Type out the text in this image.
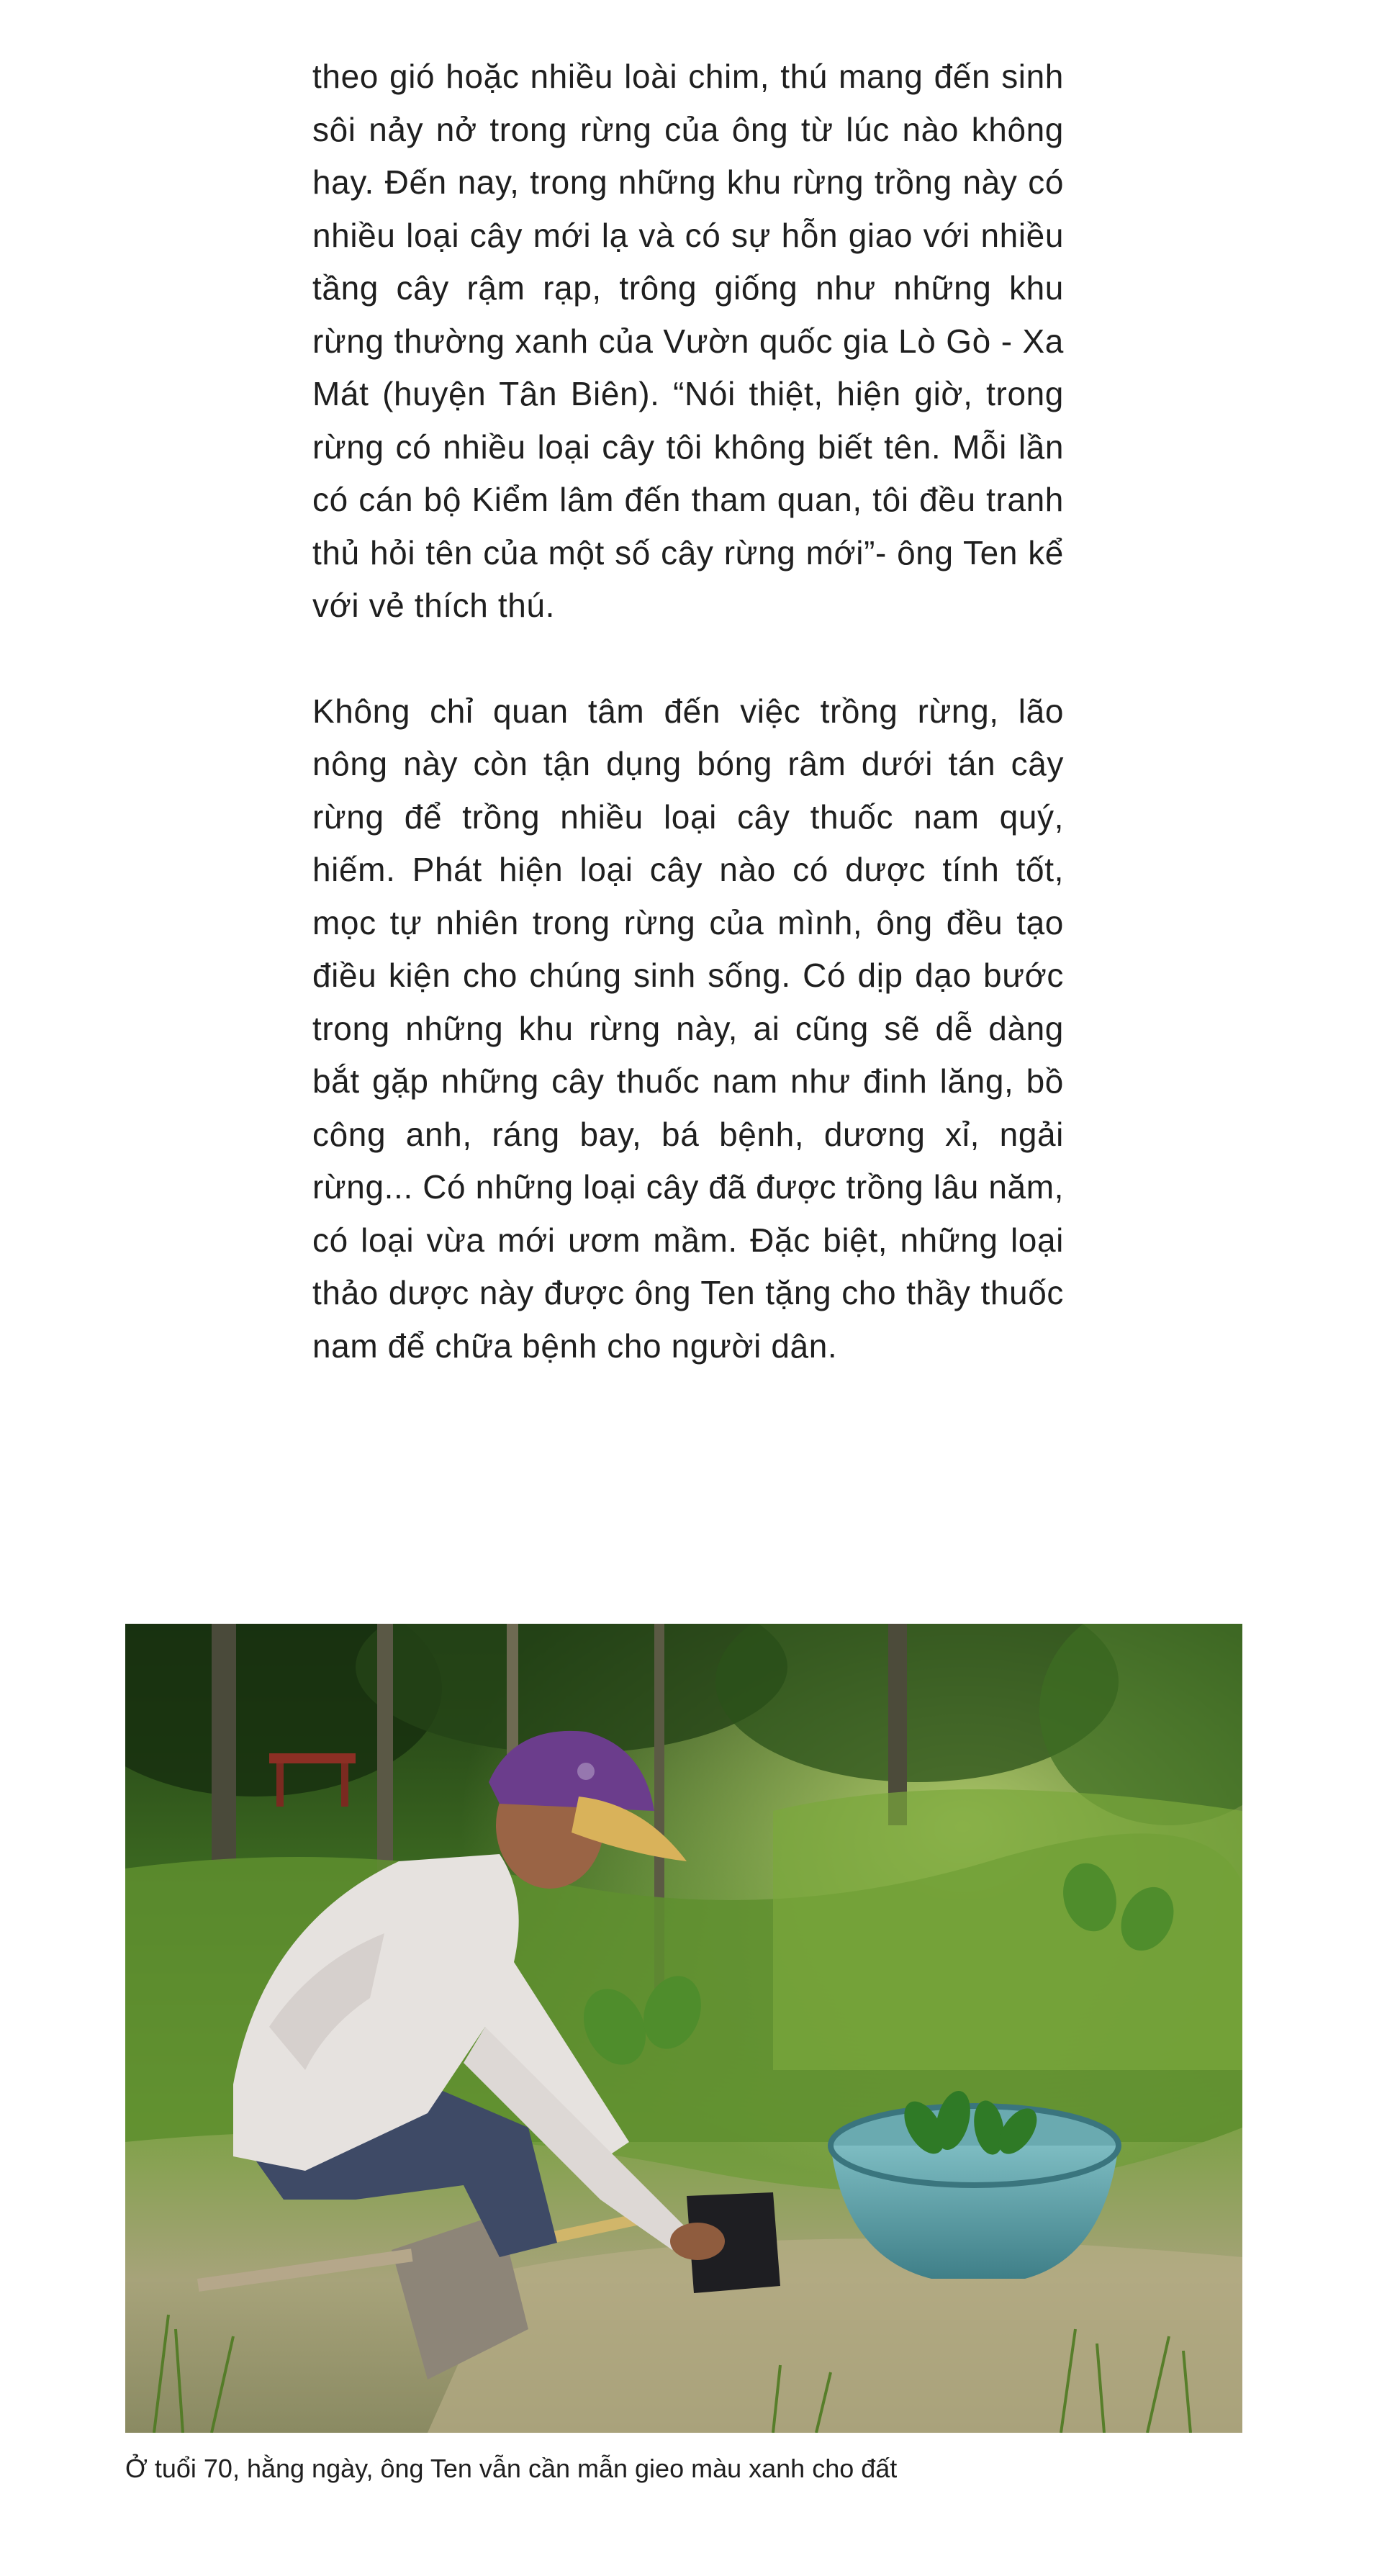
theo gió hoặc nhiều loài chim, thú mang đến sinh sôi nảy nở trong rừng của ông từ lúc nào không hay. Đến nay, trong những khu rừng trồng này có nhiều loại cây mới lạ và có sự hỗn giao với nhiều tầng cây rậm rạp, trông giống như những khu rừng thường xanh của Vườn quốc gia Lò Gò - Xa Mát (huyện Tân Biên). “Nói thiệt, hiện giờ, trong rừng có nhiều loại cây tôi không biết tên. Mỗi lần có cán bộ Kiểm lâm đến tham quan, tôi đều tranh thủ hỏi tên của một số cây rừng mới”- ông Ten kể với vẻ thích thú.

Không chỉ quan tâm đến việc trồng rừng, lão nông này còn tận dụng bóng râm dưới tán cây rừng để trồng nhiều loại cây thuốc nam quý, hiếm. Phát hiện loại cây nào có dược tính tốt, mọc tự nhiên trong rừng của mình, ông đều tạo điều kiện cho chúng sinh sống. Có dịp dạo bước trong những khu rừng này, ai cũng sẽ dễ dàng bắt gặp những cây thuốc nam như đinh lăng, bồ công anh, ráng bay, bá bệnh, dương xỉ, ngải rừng... Có những loại cây đã được trồng lâu năm, có loại vừa mới ươm mầm. Đặc biệt, những loại thảo dược này được ông Ten tặng cho thầy thuốc nam để chữa bệnh cho người dân.

Ở tuổi 70, hằng ngày, ông Ten vẫn cần mẫn gieo màu xanh cho đất
